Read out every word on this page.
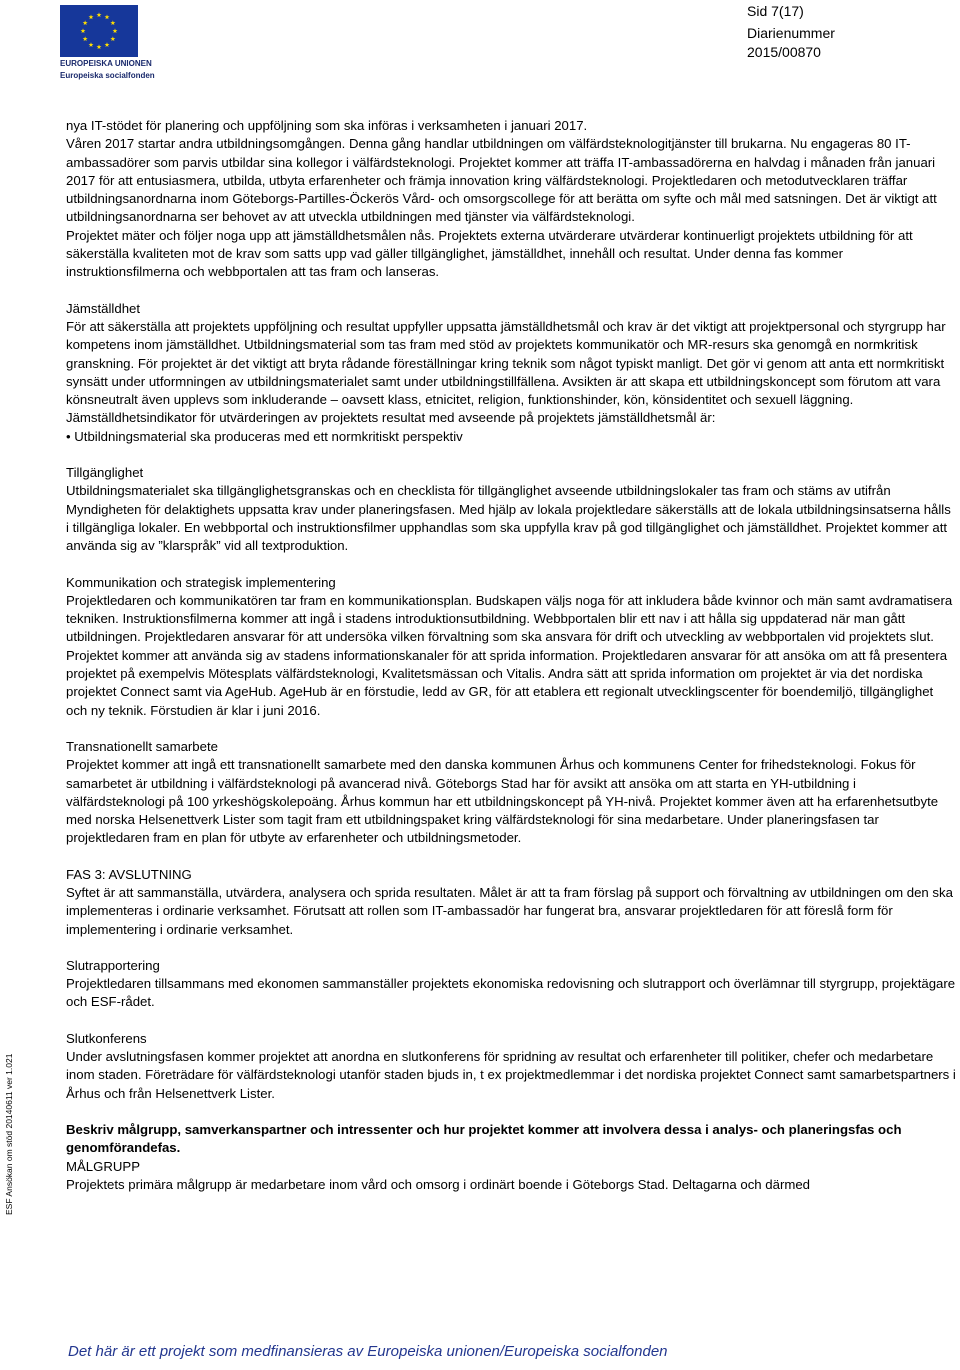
EUROPEISKA UNIONEN
Europeiska socialfonden
Sid 7(17)
Diarienummer
2015/00870

nya IT-stödet för planering och uppföljning som ska införas i verksamheten i januari 2017.

Våren 2017 startar andra utbildningsomgången. Denna gång handlar utbildningen om välfärdsteknologitjänster till brukarna. Nu engageras 80 IT-ambassadörer som parvis utbildar sina kollegor i välfärdsteknologi. Projektet kommer att träffa IT-ambassadörerna en halvdag i månaden från januari 2017 för att entusiasmera, utbilda, utbyta erfarenheter och främja innovation kring välfärdsteknologi. Projektledaren och metodutvecklaren träffar utbildningsanordnarna inom Göteborgs-Partilles-Öckerös Vård- och omsorgscollege för att berätta om syfte och mål med satsningen. Det är viktigt att utbildningsanordnarna ser behovet av att utveckla utbildningen med tjänster via välfärdsteknologi.

Projektet mäter och följer noga upp att jämställdhetsmålen nås. Projektets externa utvärderare utvärderar kontinuerligt projektets utbildning för att säkerställa kvaliteten mot de krav som satts upp vad gäller tillgänglighet, jämställdhet, innehåll och resultat. Under denna fas kommer instruktionsfilmerna och webbportalen att tas fram och lanseras.

Jämställdhet

För att säkerställa att projektets uppföljning och resultat uppfyller uppsatta jämställdhetsmål och krav är det viktigt att projektpersonal och styrgrupp har kompetens inom jämställdhet. Utbildningsmaterial som tas fram med stöd av projektets kommunikatör och MR-resurs ska genomgå en normkritisk granskning. För projektet är det viktigt att bryta rådande föreställningar kring teknik som något typiskt manligt. Det gör vi genom att anta ett normkritiskt synsätt under utformningen av utbildningsmaterialet samt under utbildningstillfällena. Avsikten är att skapa ett utbildningskoncept som förutom att vara könsneutralt även upplevs som inkluderande – oavsett klass, etnicitet, religion, funktionshinder, kön, könsidentitet och sexuell läggning. Jämställdhetsindikator för utvärderingen av projektets resultat med avseende på projektets jämställdhetsmål är:

• Utbildningsmaterial ska produceras med ett normkritiskt perspektiv

Tillgänglighet

Utbildningsmaterialet ska tillgänglighetsgranskas och en checklista för tillgänglighet avseende utbildningslokaler tas fram och stäms av utifrån Myndigheten för delaktighets uppsatta krav under planeringsfasen. Med hjälp av lokala projektledare säkerställs att de lokala utbildningsinsatserna hålls i tillgängliga lokaler. En webbportal och instruktionsfilmer upphandlas som ska uppfylla krav på god tillgänglighet och jämställdhet. Projektet kommer att använda sig av ”klarspråk” vid all textproduktion.

Kommunikation och strategisk implementering

Projektledaren och kommunikatören tar fram en kommunikationsplan. Budskapen väljs noga för att inkludera både kvinnor och män samt avdramatisera tekniken. Instruktionsfilmerna kommer att ingå i stadens introduktionsutbildning. Webbportalen blir ett nav i att hålla sig uppdaterad när man gått utbildningen. Projektledaren ansvarar för att undersöka vilken förvaltning som ska ansvara för drift och utveckling av webbportalen vid projektets slut. Projektet kommer att använda sig av stadens informationskanaler för att sprida information. Projektledaren ansvarar för att ansöka om att få presentera projektet på exempelvis Mötesplats välfärdsteknologi, Kvalitetsmässan och Vitalis. Andra sätt att sprida information om projektet är via det nordiska projektet Connect samt via AgeHub. AgeHub är en förstudie, ledd av GR, för att etablera ett regionalt utvecklingscenter för boendemiljö, tillgänglighet och ny teknik. Förstudien är klar i juni 2016.

Transnationellt samarbete

Projektet kommer att ingå ett transnationellt samarbete med den danska kommunen Århus och kommunens Center for frihedsteknologi. Fokus för samarbetet är utbildning i välfärdsteknologi på avancerad nivå. Göteborgs Stad har för avsikt att ansöka om att starta en YH-utbildning i välfärdsteknologi på 100 yrkeshögskolepoäng. Århus kommun har ett utbildningskoncept på YH-nivå. Projektet kommer även att ha erfarenhetsutbyte med norska Helsenettverk Lister som tagit fram ett utbildningspaket kring välfärdsteknologi för sina medarbetare. Under planeringsfasen tar projektledaren fram en plan för utbyte av erfarenheter och utbildningsmetoder.

FAS 3: AVSLUTNING

Syftet är att sammanställa, utvärdera, analysera och sprida resultaten. Målet är att ta fram förslag på support och förvaltning av utbildningen om den ska implementeras i ordinarie verksamhet. Förutsatt att rollen som IT-ambassadör har fungerat bra, ansvarar projektledaren för att föreslå form för implementering i ordinarie verksamhet.

Slutrapportering

Projektledaren tillsammans med ekonomen sammanställer projektets ekonomiska redovisning och slutrapport och överlämnar till styrgrupp, projektägare och ESF-rådet.

Slutkonferens

Under avslutningsfasen kommer projektet att anordna en slutkonferens för spridning av resultat och erfarenheter till politiker, chefer och medarbetare inom staden. Företrädare för välfärdsteknologi utanför staden bjuds in, t ex projektmedlemmar i det nordiska projektet Connect samt samarbetspartners i Århus och från Helsenettverk Lister.

Beskriv målgrupp, samverkanspartner och intressenter och hur projektet kommer att involvera dessa i analys- och planeringsfas och genomförandefas.

MÅLGRUPP

Projektets primära målgrupp är medarbetare inom vård och omsorg i ordinärt boende i Göteborgs Stad. Deltagarna och därmed

ESF Ansökan om stöd 20140611 ver 1.021
Det här är ett projekt som medfinansieras av Europeiska unionen/Europeiska socialfonden
